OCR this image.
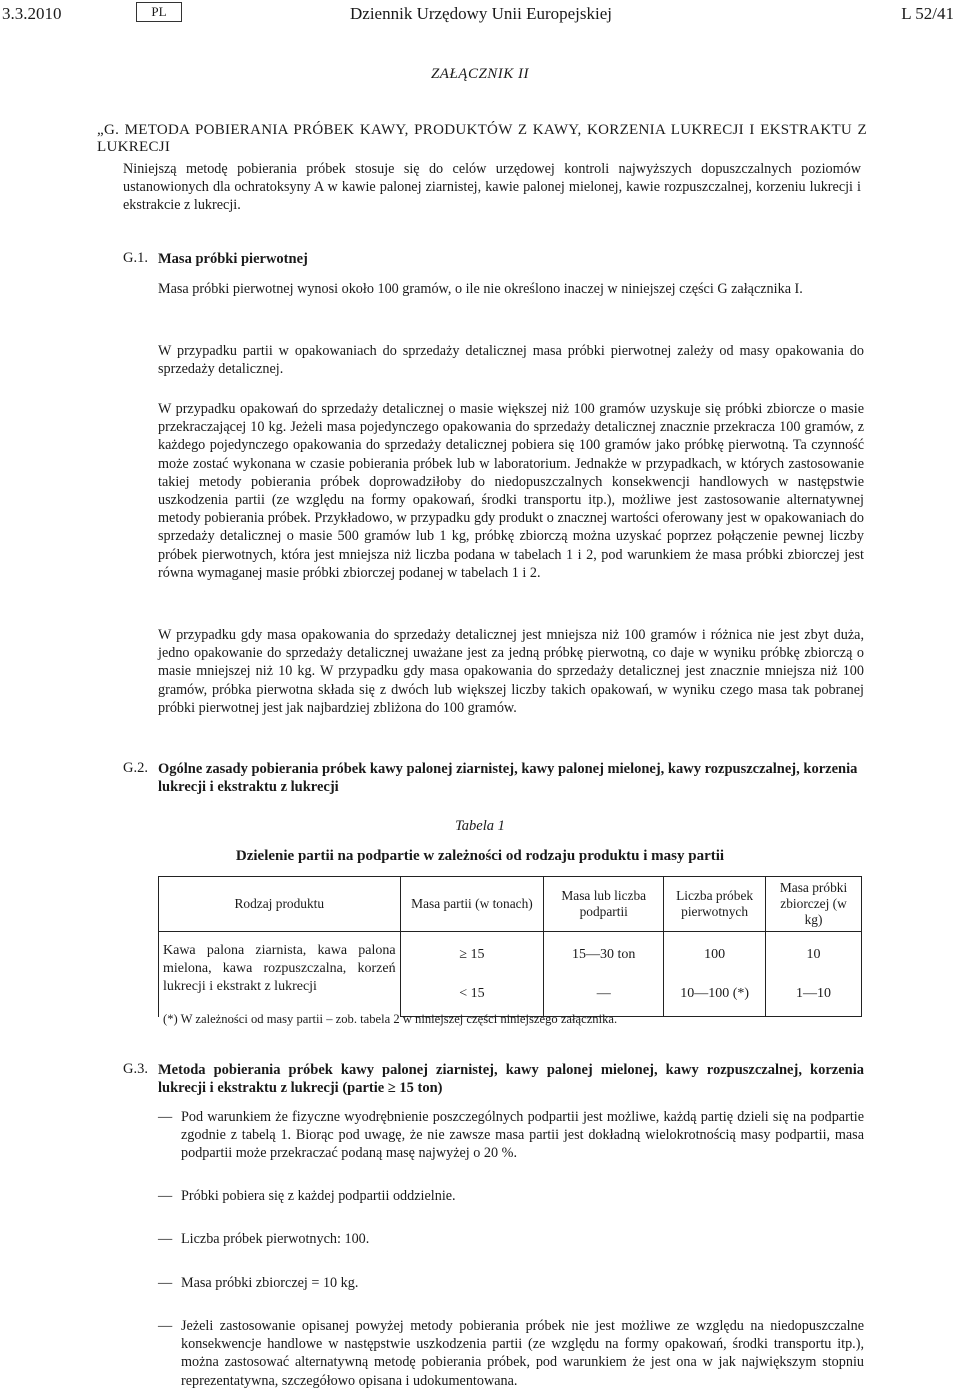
3.3.2010	PL	Dziennik Urzędowy Unii Europejskiej	L 52/41
ZAŁĄCZNIK II
„G. METODA POBIERANIA PRÓBEK KAWY, PRODUKTÓW Z KAWY, KORZENIA LUKRECJI I EKSTRAKTU Z LUKRECJI
Niniejszą metodę pobierania próbek stosuje się do celów urzędowej kontroli najwyższych dopuszczalnych poziomów ustanowionych dla ochratoksyny A w kawie palonej ziarnistej, kawie palonej mielonej, kawie rozpuszczalnej, korzeniu lukrecji i ekstrakcie z lukrecji.
G.1. Masa próbki pierwotnej
Masa próbki pierwotnej wynosi około 100 gramów, o ile nie określono inaczej w niniejszej części G załącznika I.
W przypadku partii w opakowaniach do sprzedaży detalicznej masa próbki pierwotnej zależy od masy opakowania do sprzedaży detalicznej.
W przypadku opakowań do sprzedaży detalicznej o masie większej niż 100 gramów uzyskuje się próbki zbiorcze o masie przekraczającej 10 kg. Jeżeli masa pojedynczego opakowania do sprzedaży detalicznej znacznie przekracza 100 gramów, z każdego pojedynczego opakowania do sprzedaży detalicznej pobiera się 100 gramów jako próbkę pierwotną. Ta czynność może zostać wykonana w czasie pobierania próbek lub w laboratorium. Jednakże w przypadkach, w których zastosowanie takiej metody pobierania próbek doprowadziłoby do niedopuszczalnych konsekwencji handlowych w następstwie uszkodzenia partii (ze względu na formy opakowań, środki transportu itp.), możliwe jest zastosowanie alternatywnej metody pobierania próbek. Przykładowo, w przypadku gdy produkt o znacznej wartości oferowany jest w opakowaniach do sprzedaży detalicznej o masie 500 gramów lub 1 kg, próbkę zbiorczą można uzyskać poprzez połączenie pewnej liczby próbek pierwotnych, która jest mniejsza niż liczba podana w tabelach 1 i 2, pod warunkiem że masa próbki zbiorczej jest równa wymaganej masie próbki zbiorczej podanej w tabelach 1 i 2.
W przypadku gdy masa opakowania do sprzedaży detalicznej jest mniejsza niż 100 gramów i różnica nie jest zbyt duża, jedno opakowanie do sprzedaży detalicznej uważane jest za jedną próbkę pierwotną, co daje w wyniku próbkę zbiorczą o masie mniejszej niż 10 kg. W przypadku gdy masa opakowania do sprzedaży detalicznej jest znacznie mniejsza niż 100 gramów, próbka pierwotna składa się z dwóch lub większej liczby takich opakowań, w wyniku czego masa tak pobranej próbki pierwotnej jest jak najbardziej zbliżona do 100 gramów.
G.2. Ogólne zasady pobierania próbek kawy palonej ziarnistej, kawy palonej mielonej, kawy rozpuszczalnej, korzenia lukrecji i ekstraktu z lukrecji
Tabela 1
Dzielenie partii na podpartie w zależności od rodzaju produktu i masy partii
Rodzaj produktu	Masa partii (w tonach)	Masa lub liczba podpartii	Liczba próbek pierwotnych	Masa próbki zbiorczej (w kg)
Kawa palona ziarnista, kawa palona mielona, kawa rozpuszczalna, korzeń lukrecji i ekstrakt z lukrecji	≥ 15	15—30 ton	100	10
	< 15	—	10—100 (*)	1—10
(*) W zależności od masy partii – zob. tabela 2 w niniejszej części niniejszego załącznika.
G.3. Metoda pobierania próbek kawy palonej ziarnistej, kawy palonej mielonej, kawy rozpuszczalnej, korzenia lukrecji i ekstraktu z lukrecji (partie ≥ 15 ton)
— Pod warunkiem że fizyczne wyodrębnienie poszczególnych podpartii jest możliwe, każdą partię dzieli się na podpartie zgodnie z tabelą 1. Biorąc pod uwagę, że nie zawsze masa partii jest dokładną wielokrotnością masy podpartii, masa podpartii może przekraczać podaną masę najwyżej o 20 %.
— Próbki pobiera się z każdej podpartii oddzielnie.
— Liczba próbek pierwotnych: 100.
— Masa próbki zbiorczej = 10 kg.
— Jeżeli zastosowanie opisanej powyżej metody pobierania próbek nie jest możliwe ze względu na niedopuszczalne konsekwencje handlowe w następstwie uszkodzenia partii (ze względu na formy opakowań, środki transportu itp.), można zastosować alternatywną metodę pobierania próbek, pod warunkiem że jest ona w jak największym stopniu reprezentatywna, szczegółowo opisana i udokumentowana.
